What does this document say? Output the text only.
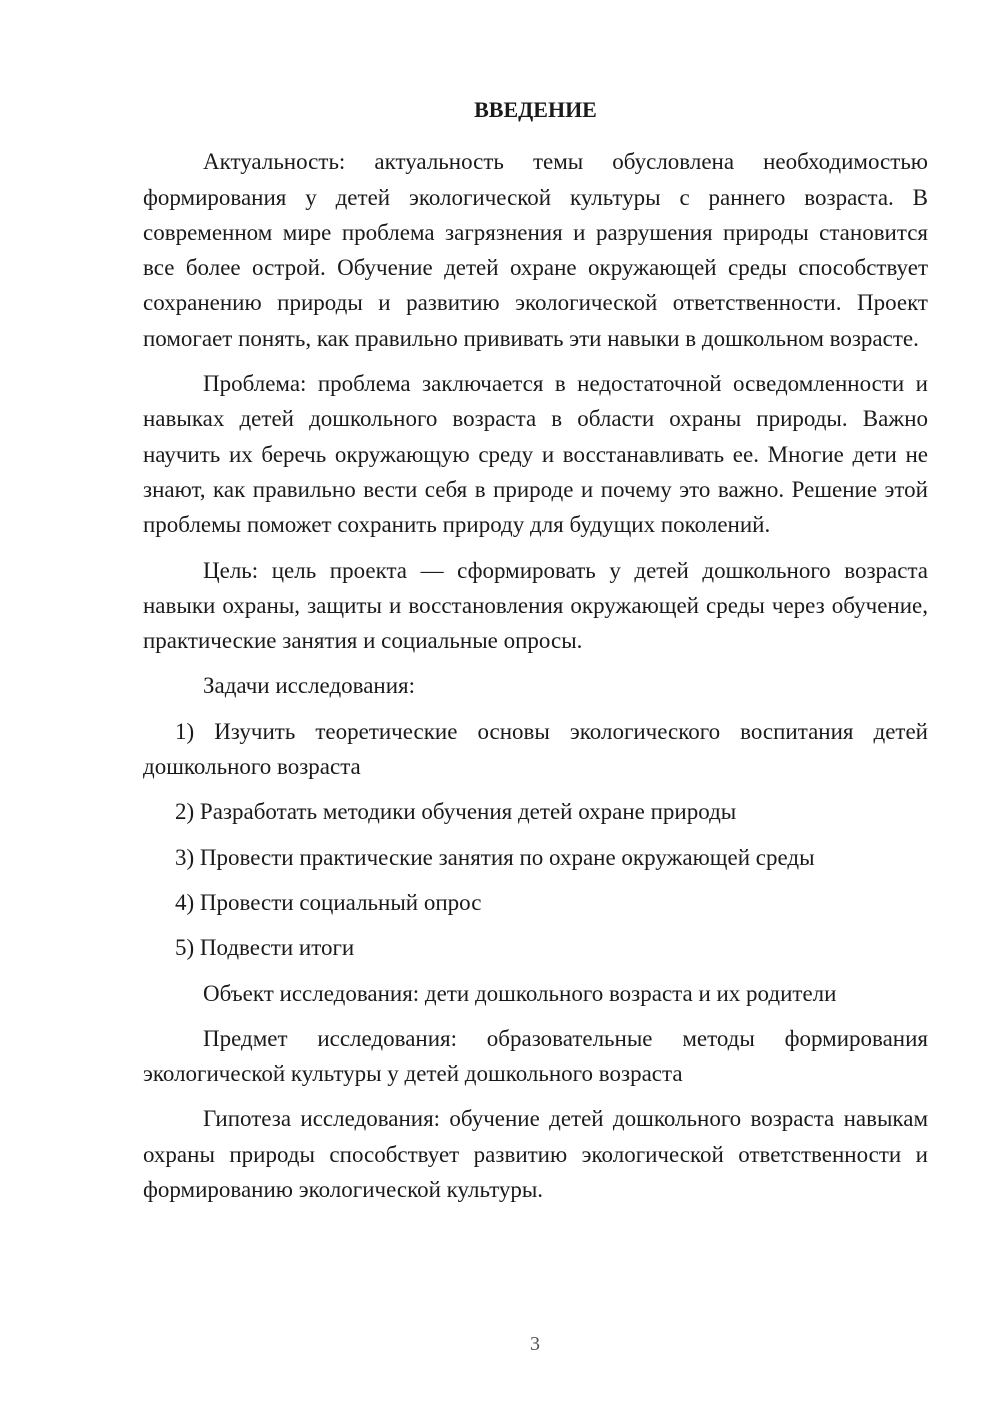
ВВЕДЕНИЕ

Актуальность: актуальность темы обусловлена необходимостью формирования у детей экологической культуры с раннего возраста. В современном мире проблема загрязнения и разрушения природы становится все более острой. Обучение детей охране окружающей среды способствует сохранению природы и развитию экологической ответственности. Проект помогает понять, как правильно прививать эти навыки в дошкольном возрасте.

Проблема: проблема заключается в недостаточной осведомленности и навыках детей дошкольного возраста в области охраны природы. Важно научить их беречь окружающую среду и восстанавливать ее. Многие дети не знают, как правильно вести себя в природе и почему это важно. Решение этой проблемы поможет сохранить природу для будущих поколений.

Цель: цель проекта — сформировать у детей дошкольного возраста навыки охраны, защиты и восстановления окружающей среды через обучение, практические занятия и социальные опросы.

Задачи исследования:

1) Изучить теоретические основы экологического воспитания детей дошкольного возраста

2) Разработать методики обучения детей охране природы

3) Провести практические занятия по охране окружающей среды

4) Провести социальный опрос

5) Подвести итоги

Объект исследования: дети дошкольного возраста и их родители

Предмет исследования: образовательные методы формирования экологической культуры у детей дошкольного возраста

Гипотеза исследования: обучение детей дошкольного возраста навыкам охраны природы способствует развитию экологической ответственности и формированию экологической культуры.

3
